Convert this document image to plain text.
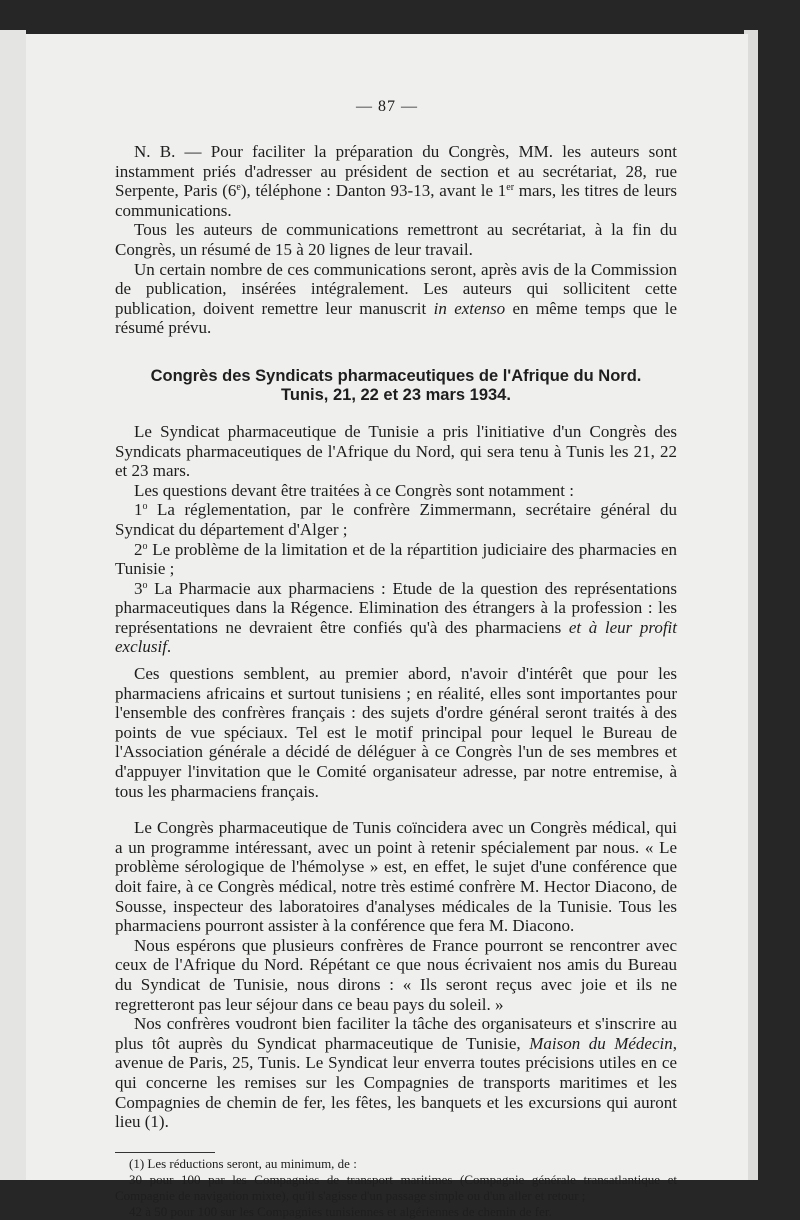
— 87 —

N. B. — Pour faciliter la préparation du Congrès, MM. les auteurs sont instamment priés d'adresser au président de section et au secrétariat, 28, rue Serpente, Paris (6e), téléphone : Danton 93-13, avant le 1er mars, les titres de leurs communications.

Tous les auteurs de communications remettront au secrétariat, à la fin du Congrès, un résumé de 15 à 20 lignes de leur travail.

Un certain nombre de ces communications seront, après avis de la Commission de publication, insérées intégralement. Les auteurs qui sollicitent cette publication, doivent remettre leur manuscrit in extenso en même temps que le résumé prévu.

Congrès des Syndicats pharmaceutiques de l'Afrique du Nord.
Tunis, 21, 22 et 23 mars 1934.

Le Syndicat pharmaceutique de Tunisie a pris l'initiative d'un Congrès des Syndicats pharmaceutiques de l'Afrique du Nord, qui sera tenu à Tunis les 21, 22 et 23 mars.

Les questions devant être traitées à ce Congrès sont notamment :

1$^o$ La réglementation, par le confrère Zimmermann, secrétaire général du Syndicat du département d'Alger ;

2$^o$ Le problème de la limitation et de la répartition judiciaire des pharmacies en Tunisie ;

3$^o$ La Pharmacie aux pharmaciens : Etude de la question des représentations pharmaceutiques dans la Régence. Elimination des étrangers à la profession : les représentations ne devraient être confiés qu'à des pharmaciens et à leur profit exclusif.

Ces questions semblent, au premier abord, n'avoir d'intérêt que pour les pharmaciens africains et surtout tunisiens ; en réalité, elles sont importantes pour l'ensemble des confrères français : des sujets d'ordre général seront traités à des points de vue spéciaux. Tel est le motif principal pour lequel le Bureau de l'Association générale a décidé de déléguer à ce Congrès l'un de ses membres et d'appuyer l'invitation que le Comité organisateur adresse, par notre entremise, à tous les pharmaciens français.

Le Congrès pharmaceutique de Tunis coïncidera avec un Congrès médical, qui a un programme intéressant, avec un point à retenir spécialement par nous. « Le problème sérologique de l'hémolyse » est, en effet, le sujet d'une conférence que doit faire, à ce Congrès médical, notre très estimé confrère M. Hector Diacono, de Sousse, inspecteur des laboratoires d'analyses médicales de la Tunisie. Tous les pharmaciens pourront assister à la conférence que fera M. Diacono.

Nous espérons que plusieurs confrères de France pourront se rencontrer avec ceux de l'Afrique du Nord. Répétant ce que nous écrivaient nos amis du Bureau du Syndicat de Tunisie, nous dirons : « Ils seront reçus avec joie et ils ne regretteront pas leur séjour dans ce beau pays du soleil. »

Nos confrères voudront bien faciliter la tâche des organisateurs et s'inscrire au plus tôt auprès du Syndicat pharmaceutique de Tunisie, Maison du Médecin, avenue de Paris, 25, Tunis. Le Syndicat leur enverra toutes précisions utiles en ce qui concerne les remises sur les Compagnies de transports maritimes et les Compagnies de chemin de fer, les fêtes, les banquets et les excursions qui auront lieu (1).

(1) Les réductions seront, au minimum, de :

30 pour 100 par les Compagnies de transport maritimes (Compagnie générale transatlantique et Compagnie de navigation mixte), qu'il s'agisse d'un passage simple ou d'un aller et retour ;

42 à 50 pour 100 sur les Compagnies tunisiennes et algériennes de chemin de fer.
